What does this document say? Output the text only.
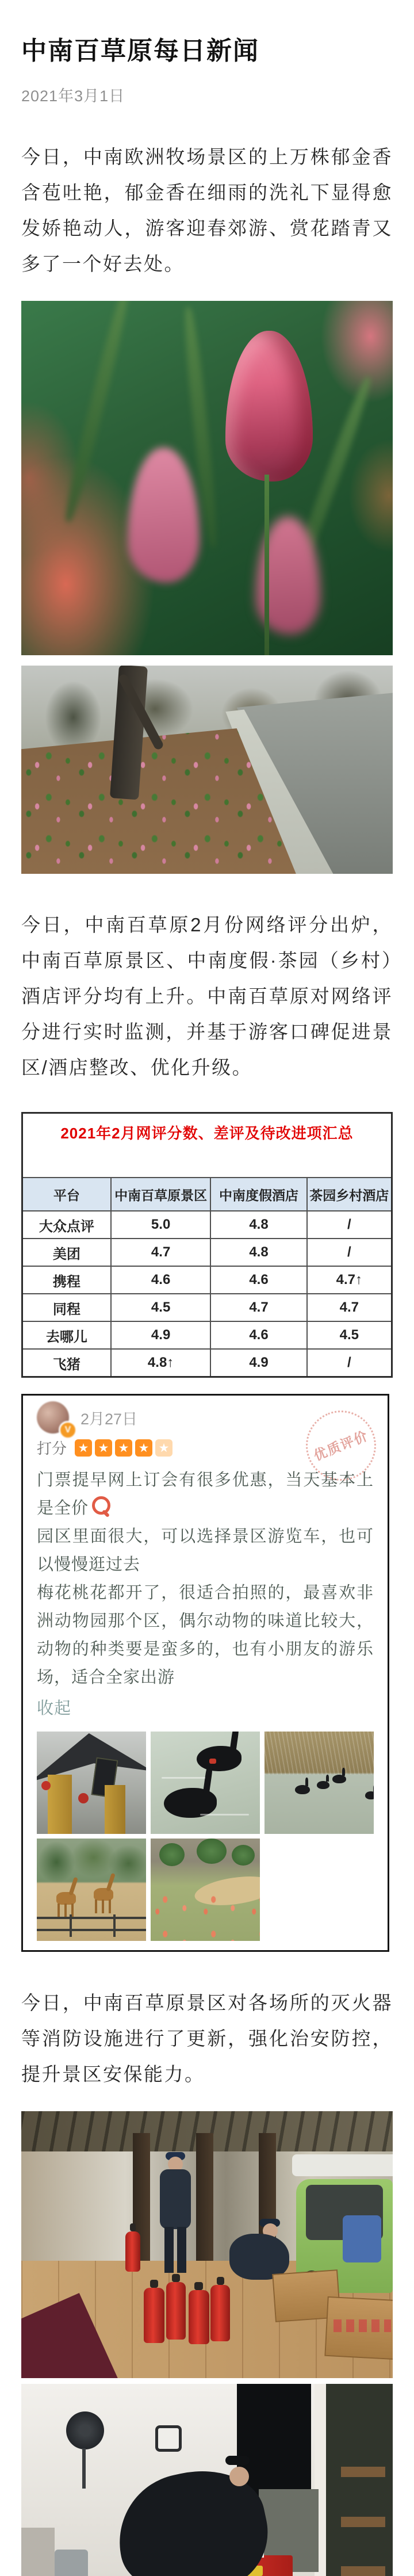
中南百草原每日新闻
2021年3月1日

今日，中南欧洲牧场景区的上万株郁金香含苞吐艳，郁金香在细雨的洗礼下显得愈发娇艳动人，游客迎春郊游、赏花踏青又多了一个好去处。

今日，中南百草原2月份网络评分出炉，中南百草原景区、中南度假·茶园（乡村）酒店评分均有上升。中南百草原对网络评分进行实时监测，并基于游客口碑促进景区/酒店整改、优化升级。

2021年2月网评分数、差评及待改进项汇总			
平台	中南百草原景区	中南度假酒店	茶园乡村酒店
大众点评	5.0	4.8	/
美团	4.7	4.8	/
携程	4.6	4.6	4.7↑
同程	4.5	4.7	4.7
去哪儿	4.9	4.6	4.5
飞猪	4.8↑	4.9	/
V
2月27日
打分 ★ ★ ★ ★ ★	优质评价

门票提早网上订会有很多优惠，当天基本上是全价

园区里面很大，可以选择景区游览车，也可以慢慢逛过去

梅花桃花都开了，很适合拍照的，最喜欢非洲动物园那个区，偶尔动物的味道比较大，动物的种类要是蛮多的，也有小朋友的游乐场，适合全家出游

收起

今日，中南百草原景区对各场所的灭火器等消防设施进行了更新，强化治安防控，提升景区安保能力。
